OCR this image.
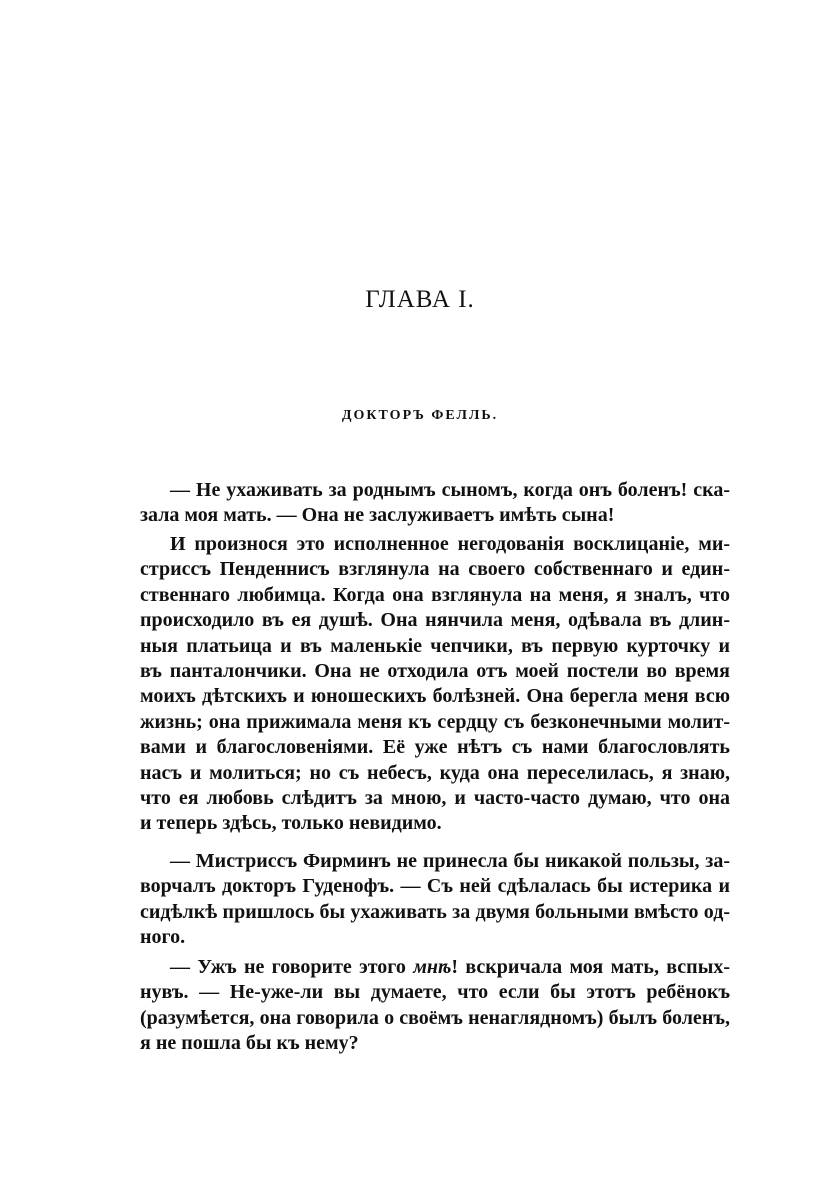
ГЛАВА I.
ДОКТОРЪ ФЕЛЛЬ.
— Не ухаживать за роднымъ сыномъ, когда онъ боленъ! ска-
зала моя мать. — Она не заслуживаетъ имѣть сына!
И произнося это исполненное негодованія восклицаніе, ми-
стриссъ Пенденнисъ взглянула на своего собственнаго и един-
ственнаго любимца. Когда она взглянула на меня, я зналъ, что
происходило въ ея душѣ. Она нянчила меня, одѣвала въ длин-
ныя платьица и въ маленькіе чепчики, въ первую курточку и
въ панталончики. Она не отходила отъ моей постели во время
моихъ дѣтскихъ и юношескихъ болѣзней. Она берегла меня всю
жизнь; она прижимала меня къ сердцу съ безконечными молит-
вами и благословеніями. Её уже нѣтъ съ нами благословлять
насъ и молиться; но съ небесъ, куда она переселилась, я знаю,
что ея любовь слѣдитъ за мною, и часто-часто думаю, что она
и теперь здѣсь, только невидимо.
— Мистриссъ Фирминъ не принесла бы никакой пользы, за-
ворчалъ докторъ Гуденофъ. — Съ ней сдѣлалась бы истерика и
сидѣлкѣ пришлось бы ухаживать за двумя больными вмѣсто од-
ного.
— Ужъ не говорите этого мнѣ! вскричала моя мать, вспых-
нувъ. — Не-уже-ли вы думаете, что если бы этотъ ребёнокъ
(разумѣется, она говорила о своёмъ ненаглядномъ) былъ боленъ,
я не пошла бы къ нему?
